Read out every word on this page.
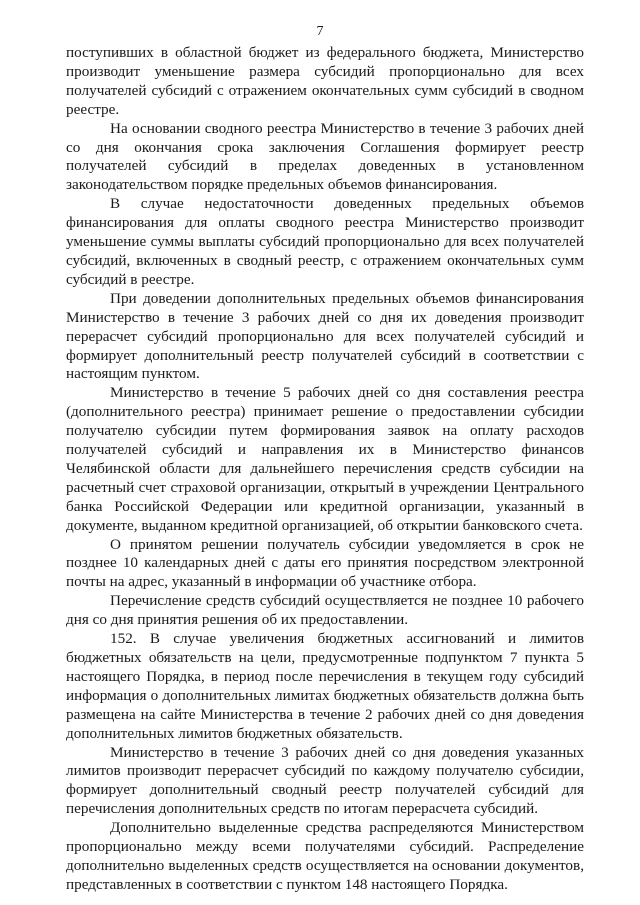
7

поступивших в областной бюджет из федерального бюджета, Министерство производит уменьшение размера субсидий пропорционально для всех получателей субсидий с отражением окончательных сумм субсидий в сводном реестре.

На основании сводного реестра Министерство в течение 3 рабочих дней со дня окончания срока заключения Соглашения формирует реестр получателей субсидий в пределах доведенных в установленном законодательством порядке предельных объемов финансирования.

В случае недостаточности доведенных предельных объемов финансирования для оплаты сводного реестра Министерство производит уменьшение суммы выплаты субсидий пропорционально для всех получателей субсидий, включенных в сводный реестр, с отражением окончательных сумм субсидий в реестре.

При доведении дополнительных предельных объемов финансирования Министерство в течение 3 рабочих дней со дня их доведения производит перерасчет субсидий пропорционально для всех получателей субсидий и формирует дополнительный реестр получателей субсидий в соответствии с настоящим пунктом.

Министерство в течение 5 рабочих дней со дня составления реестра (дополнительного реестра) принимает решение о предоставлении субсидии получателю субсидии путем формирования заявок на оплату расходов получателей субсидий и направления их в Министерство финансов Челябинской области для дальнейшего перечисления средств субсидии на расчетный счет страховой организации, открытый в учреждении Центрального банка Российской Федерации или кредитной организации, указанный в документе, выданном кредитной организацией, об открытии банковского счета.

О принятом решении получатель субсидии уведомляется в срок не позднее 10 календарных дней с даты его принятия посредством электронной почты на адрес, указанный в информации об участнике отбора.

Перечисление средств субсидий осуществляется не позднее 10 рабочего дня со дня принятия решения об их предоставлении.

152. В случае увеличения бюджетных ассигнований и лимитов бюджетных обязательств на цели, предусмотренные подпунктом 7 пункта 5 настоящего Порядка, в период после перечисления в текущем году субсидий информация о дополнительных лимитах бюджетных обязательств должна быть размещена на сайте Министерства в течение 2 рабочих дней со дня доведения дополнительных лимитов бюджетных обязательств.

Министерство в течение 3 рабочих дней со дня доведения указанных лимитов производит перерасчет субсидий по каждому получателю субсидии, формирует дополнительный сводный реестр получателей субсидий для перечисления дополнительных средств по итогам перерасчета субсидий.

Дополнительно выделенные средства распределяются Министерством пропорционально между всеми получателями субсидий. Распределение дополнительно выделенных средств осуществляется на основании документов, представленных в соответствии с пунктом 148 настоящего Порядка.
